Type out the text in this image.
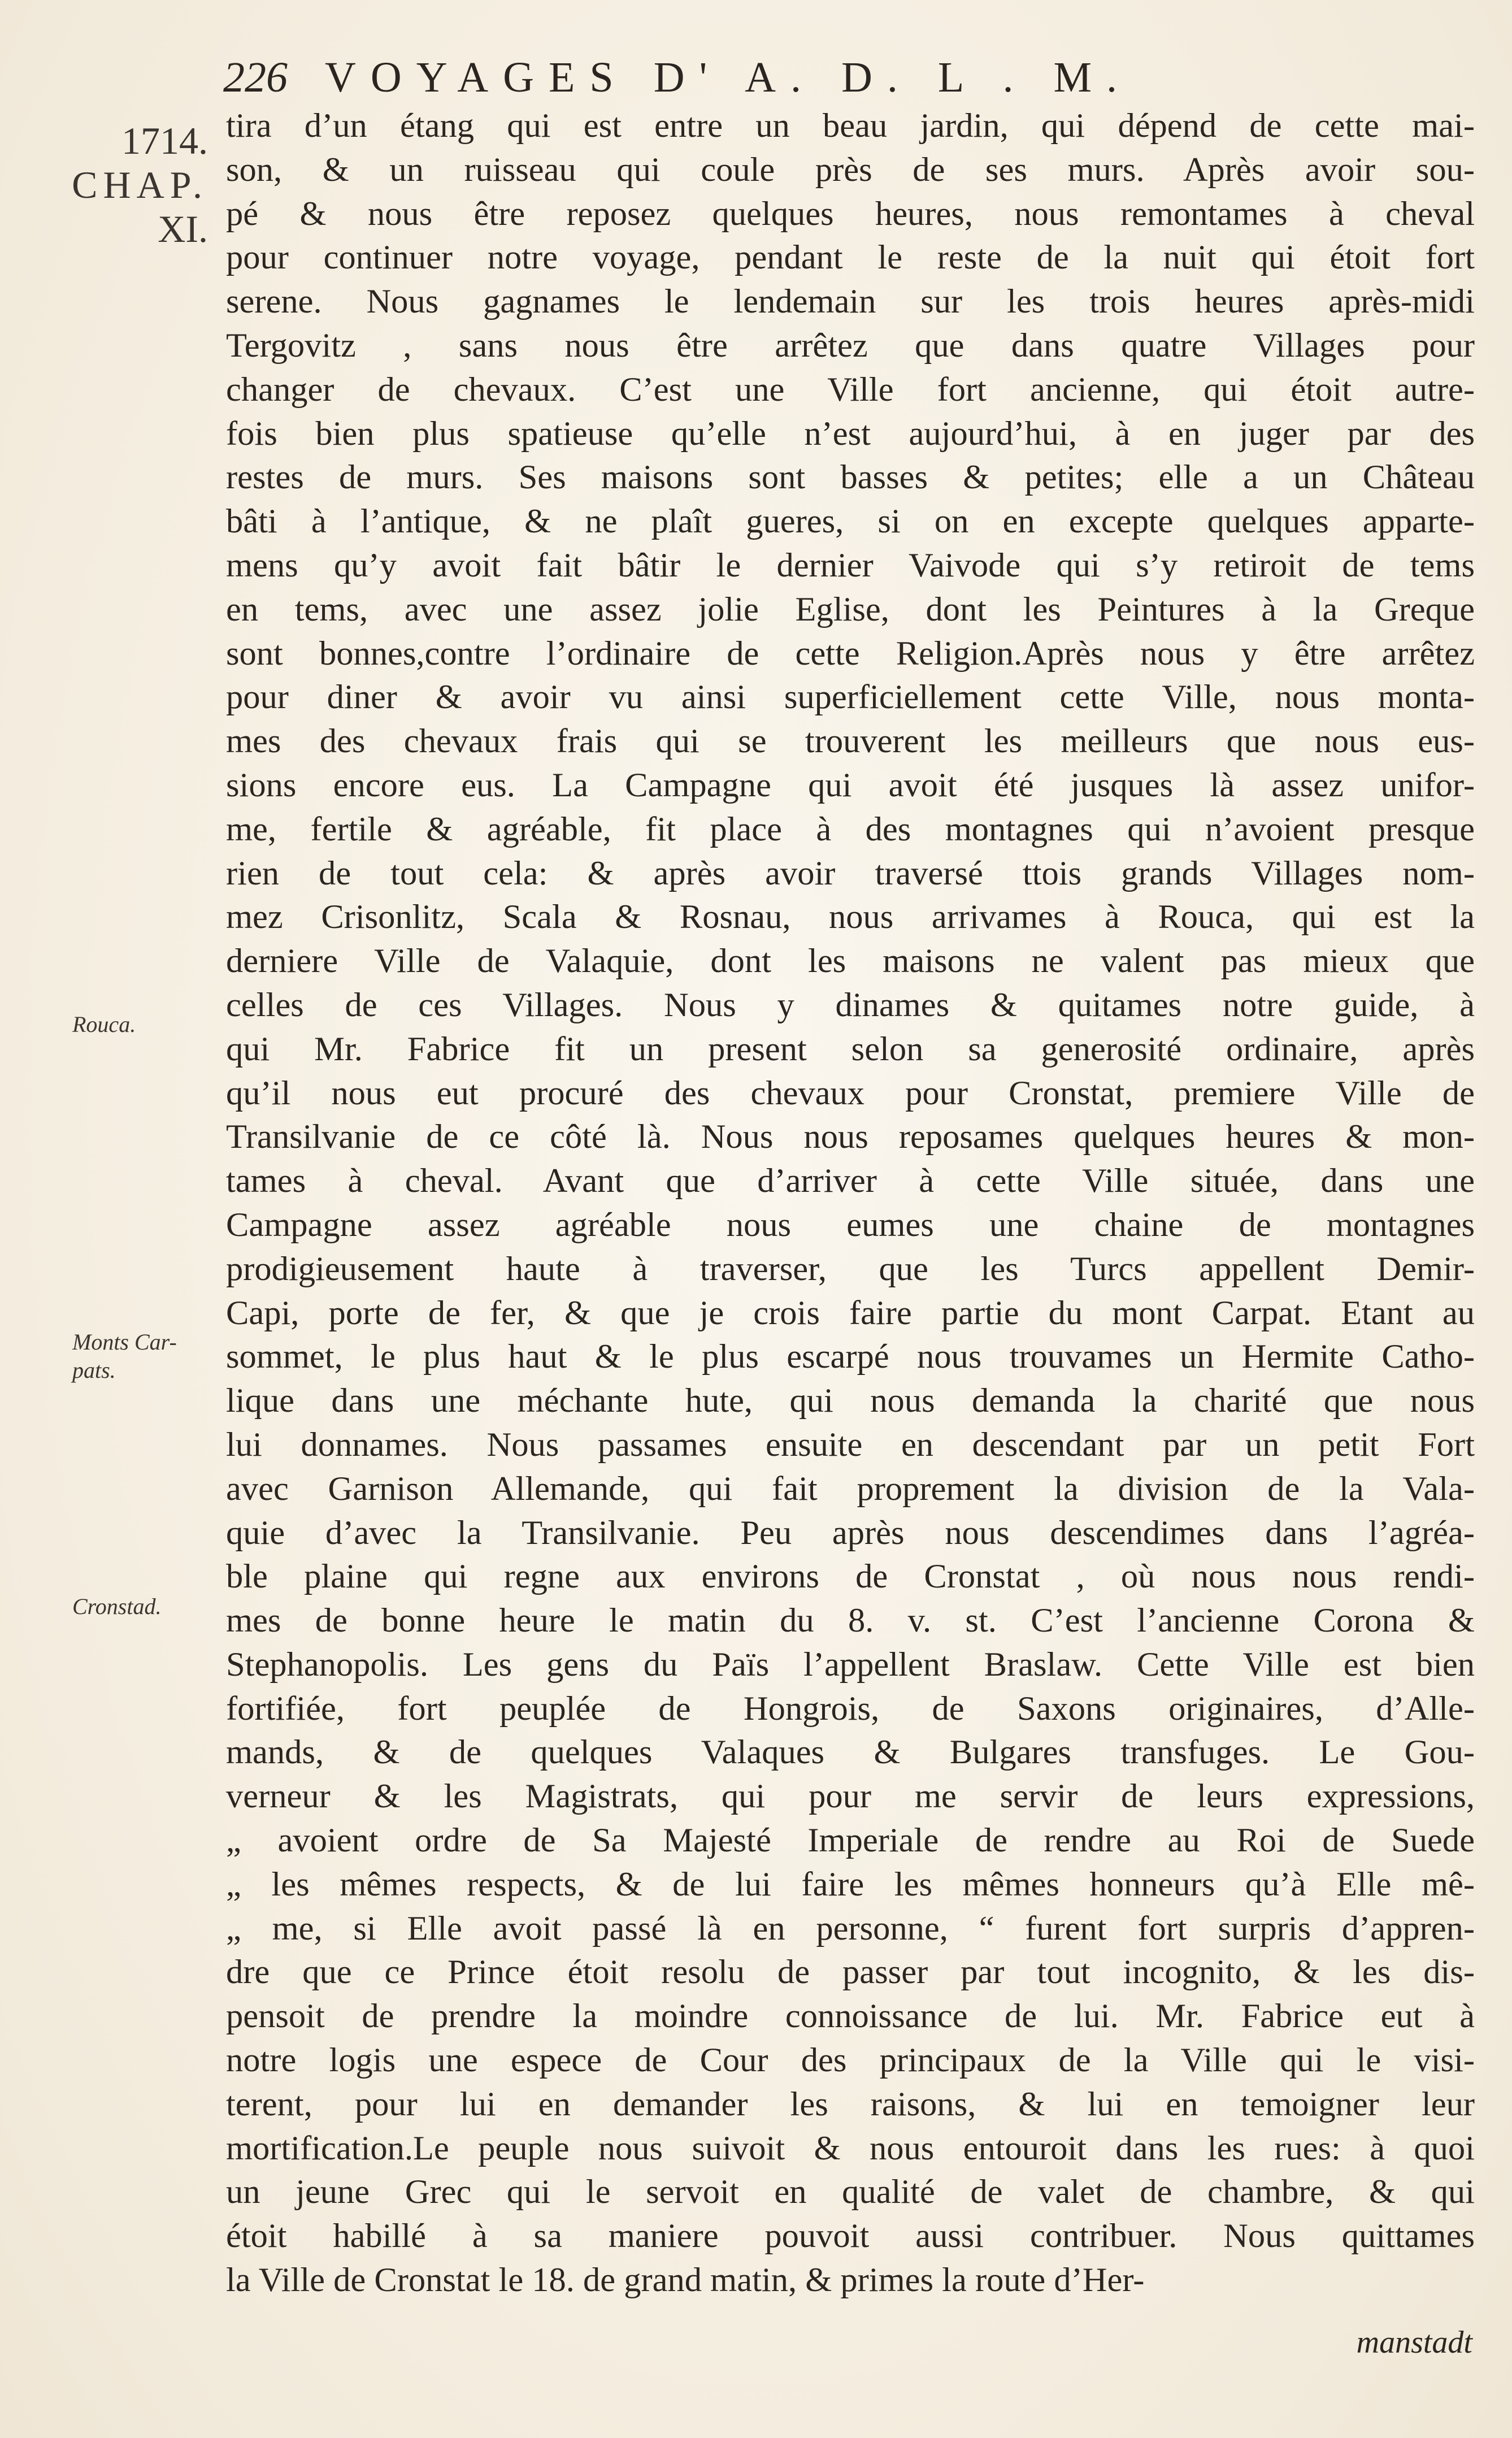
226 VOYAGES D' A. D. L . M.
1714.
CHAP.
XI.
Rouca.
Monts Car-
pats.
Cronstad.
tira d’un étang qui est entre un beau jardin, qui dépend de cette mai-
son, & un ruisseau qui coule près de ses murs. Après avoir sou-
pé & nous être reposez quelques heures, nous remontames à cheval
pour continuer notre voyage, pendant le reste de la nuit qui étoit fort
serene. Nous gagnames le lendemain sur les trois heures après-midi
Tergovitz , sans nous être arrêtez que dans quatre Villages pour
changer de chevaux. C’est une Ville fort ancienne, qui étoit autre-
fois bien plus spatieuse qu’elle n’est aujourd’hui, à en juger par des
restes de murs. Ses maisons sont basses & petites; elle a un Château
bâti à l’antique, & ne plaît gueres, si on en excepte quelques apparte-
mens qu’y avoit fait bâtir le dernier Vaivode qui s’y retiroit de tems
en tems, avec une assez jolie Eglise, dont les Peintures à la Greque
sont bonnes,contre l’ordinaire de cette Religion.Après nous y être arrêtez
pour diner & avoir vu ainsi superficiellement cette Ville, nous monta-
mes des chevaux frais qui se trouverent les meilleurs que nous eus-
sions encore eus. La Campagne qui avoit été jusques là assez unifor-
me, fertile & agréable, fit place à des montagnes qui n’avoient presque
rien de tout cela: & après avoir traversé ttois grands Villages nom-
mez Crisonlitz, Scala & Rosnau, nous arrivames à Rouca, qui est la
derniere Ville de Valaquie, dont les maisons ne valent pas mieux que
celles de ces Villages. Nous y dinames & quitames notre guide, à
qui Mr. Fabrice fit un present selon sa generosité ordinaire, après
qu’il nous eut procuré des chevaux pour Cronstat, premiere Ville de
Transilvanie de ce côté là. Nous nous reposames quelques heures & mon-
tames à cheval. Avant que d’arriver à cette Ville située, dans une
Campagne assez agréable nous eumes une chaine de montagnes
prodigieusement haute à traverser, que les Turcs appellent Demir-
Capi, porte de fer, & que je crois faire partie du mont Carpat. Etant au
sommet, le plus haut & le plus escarpé nous trouvames un Hermite Catho-
lique dans une méchante hute, qui nous demanda la charité que nous
lui donnames. Nous passames ensuite en descendant par un petit Fort
avec Garnison Allemande, qui fait proprement la division de la Vala-
quie d’avec la Transilvanie. Peu après nous descendimes dans l’agréa-
ble plaine qui regne aux environs de Cronstat , où nous nous rendi-
mes de bonne heure le matin du 8. v. st. C’est l’ancienne Corona &
Stephanopolis. Les gens du Païs l’appellent Braslaw. Cette Ville est bien
fortifiée, fort peuplée de Hongrois, de Saxons originaires, d’Alle-
mands, & de quelques Valaques & Bulgares transfuges. Le Gou-
verneur & les Magistrats, qui pour me servir de leurs expressions,
„ avoient ordre de Sa Majesté Imperiale de rendre au Roi de Suede
„ les mêmes respects, & de lui faire les mêmes honneurs qu’à Elle mê-
„ me, si Elle avoit passé là en personne, “ furent fort surpris d’appren-
dre que ce Prince étoit resolu de passer par tout incognito, & les dis-
pensoit de prendre la moindre connoissance de lui. Mr. Fabrice eut à
notre logis une espece de Cour des principaux de la Ville qui le visi-
terent, pour lui en demander les raisons, & lui en temoigner leur
mortification.Le peuple nous suivoit & nous entouroit dans les rues: à quoi
un jeune Grec qui le servoit en qualité de valet de chambre, & qui
étoit habillé à sa maniere pouvoit aussi contribuer. Nous quittames
la Ville de Cronstat le 18. de grand matin, & primes la route d’Her-
manstadt
